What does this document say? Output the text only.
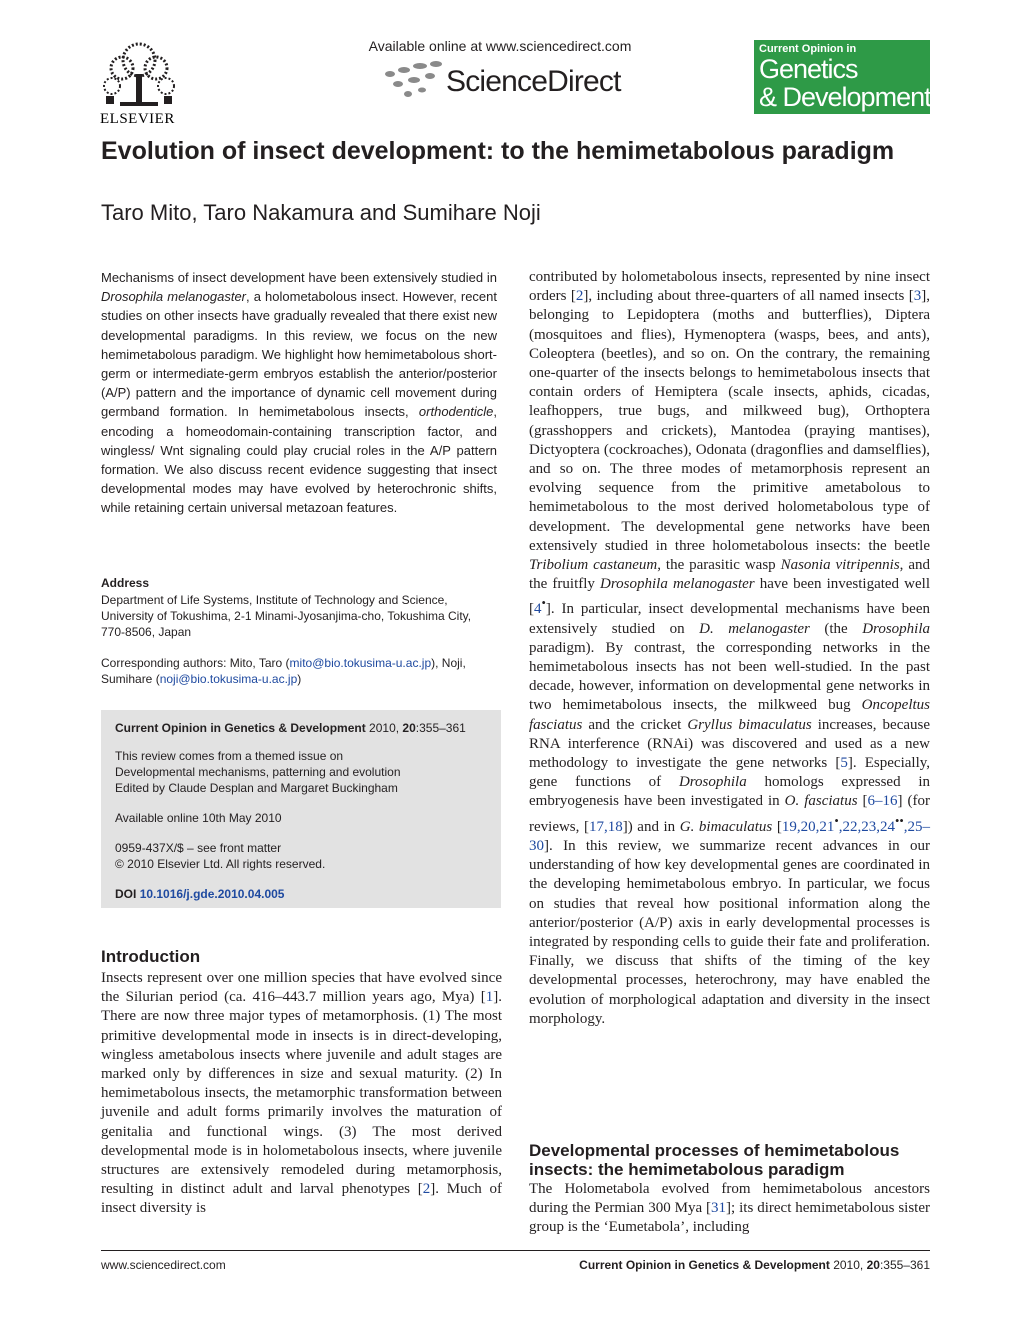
ELSEVIER
Available online at www.sciencedirect.com
ScienceDirect
Current Opinion in
Genetics
& Development
Evolution of insect development: to the hemimetabolous paradigm
Taro Mito, Taro Nakamura and Sumihare Noji
Mechanisms of insect development have been extensively studied in Drosophila melanogaster, a holometabolous insect. However, recent studies on other insects have gradually revealed that there exist new developmental paradigms. In this review, we focus on the new hemimetabolous paradigm. We highlight how hemimetabolous short-germ or intermediate-germ embryos establish the anterior/posterior (A/P) pattern and the importance of dynamic cell movement during germband formation. In hemimetabolous insects, orthodenticle, encoding a homeodomain-containing transcription factor, and wingless/ Wnt signaling could play crucial roles in the A/P pattern formation. We also discuss recent evidence suggesting that insect developmental modes may have evolved by heterochronic shifts, while retaining certain universal metazoan features.
Address
Department of Life Systems, Institute of Technology and Science,
University of Tokushima, 2-1 Minami-Jyosanjima-cho, Tokushima City,
770-8506, Japan
Corresponding authors: Mito, Taro (mito@bio.tokusima-u.ac.jp), Noji,
Sumihare (noji@bio.tokusima-u.ac.jp)
Current Opinion in Genetics & Development 2010, 20:355–361
This review comes from a themed issue on
Developmental mechanisms, patterning and evolution
Edited by Claude Desplan and Margaret Buckingham
Available online 10th May 2010
0959-437X/$ – see front matter
© 2010 Elsevier Ltd. All rights reserved.
DOI 10.1016/j.gde.2010.04.005
Introduction
Insects represent over one million species that have evolved since the Silurian period (ca. 416–443.7 million years ago, Mya) [1]. There are now three major types of metamorphosis. (1) The most primitive developmental mode in insects is in direct-developing, wingless ametabolous insects where juvenile and adult stages are marked only by differences in size and sexual maturity. (2) In hemimetabolous insects, the metamorphic transformation between juvenile and adult forms primarily involves the maturation of genitalia and functional wings. (3) The most derived developmental mode is in holometabolous insects, where juvenile structures are extensively remodeled during metamorphosis, resulting in distinct adult and larval phenotypes [2]. Much of insect diversity is
contributed by holometabolous insects, represented by nine insect orders [2], including about three-quarters of all named insects [3], belonging to Lepidoptera (moths and butterflies), Diptera (mosquitoes and flies), Hymenoptera (wasps, bees, and ants), Coleoptera (beetles), and so on. On the contrary, the remaining one-quarter of the insects belongs to hemimetabolous insects that contain orders of Hemiptera (scale insects, aphids, cicadas, leafhoppers, true bugs, and milkweed bug), Orthoptera (grasshoppers and crickets), Mantodea (praying mantises), Dictyoptera (cockroaches), Odonata (dragonflies and damselflies), and so on. The three modes of metamorphosis represent an evolving sequence from the primitive ametabolous to hemimetabolous to the most derived holometabolous type of development. The developmental gene networks have been extensively studied in three holometabolous insects: the beetle Tribolium castaneum, the parasitic wasp Nasonia vitripennis, and the fruitfly Drosophila melanogaster have been investigated well [4•]. In particular, insect developmental mechanisms have been extensively studied on D. melanogaster (the Drosophila paradigm). By contrast, the corresponding networks in the hemimetabolous insects has not been well-studied. In the past decade, however, information on developmental gene networks in two hemimetabolous insects, the milkweed bug Oncopeltus fasciatus and the cricket Gryllus bimaculatus increases, because RNA interference (RNAi) was discovered and used as a new methodology to investigate the gene networks [5]. Especially, gene functions of Drosophila homologs expressed in embryogenesis have been investigated in O. fasciatus [6–16] (for reviews, [17,18]) and in G. bimaculatus [19,20,21•,22,23,24••,25–30]. In this review, we summarize recent advances in our understanding of how key developmental genes are coordinated in the developing hemimetabolous embryo. In particular, we focus on studies that reveal how positional information along the anterior/posterior (A/P) axis in early developmental processes is integrated by responding cells to guide their fate and proliferation. Finally, we discuss that shifts of the timing of the key developmental processes, heterochrony, may have enabled the evolution of morphological adaptation and diversity in the insect morphology.
Developmental processes of hemimetabolous insects: the hemimetabolous paradigm
The Holometabola evolved from hemimetabolous ancestors during the Permian 300 Mya [31]; its direct hemimetabolous sister group is the ‘Eumetabola’, including
www.sciencedirect.com	Current Opinion in Genetics & Development 2010, 20:355–361
